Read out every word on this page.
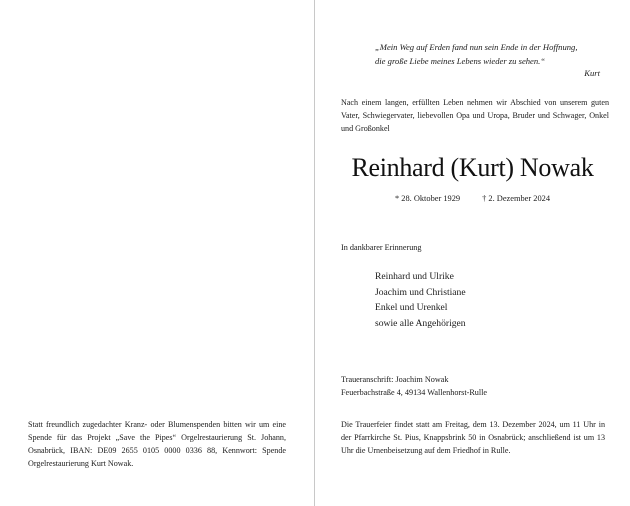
Statt freundlich zugedachter Kranz- oder Blumenspenden bitten wir um eine Spende für das Projekt „Save the Pipes“ Orgelrestaurierung St. Johann, Osnabrück, IBAN: DE09 2655 0105 0000 0336 88, Kennwort: Spende Orgelrestaurierung Kurt Nowak.
„Mein Weg auf Erden fand nun sein Ende in der Hoffnung,
die große Liebe meines Lebens wieder zu sehen.“
Kurt
Nach einem langen, erfüllten Leben nehmen wir Abschied von unserem guten Vater, Schwiegervater, liebevollen Opa und Uropa, Bruder und Schwager, Onkel und Großonkel
Reinhard (Kurt) Nowak
* 28. Oktober 1929	† 2. Dezember 2024
In dankbarer Erinnerung
Reinhard und Ulrike
Joachim und Christiane
Enkel und Urenkel
sowie alle Angehörigen
Traueranschrift: Joachim Nowak
Feuerbachstraße 4, 49134 Wallenhorst-Rulle
Die Trauerfeier findet statt am Freitag, dem 13. Dezember 2024, um 11 Uhr in der Pfarrkirche St. Pius, Knappsbrink 50 in Osnabrück; anschließend ist um 13 Uhr die Urnenbeisetzung auf dem Friedhof in Rulle.
